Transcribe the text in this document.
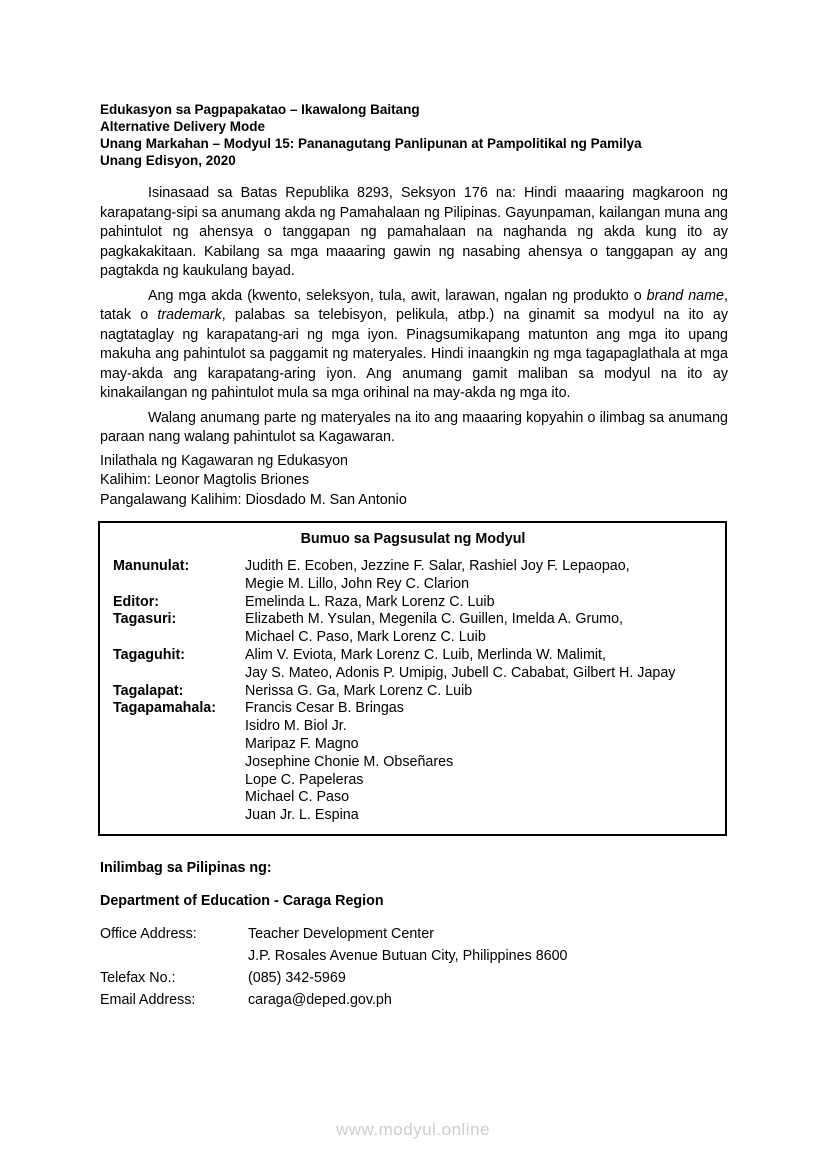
Edukasyon sa Pagpapakatao – Ikawalong Baitang
Alternative Delivery Mode
Unang Markahan – Modyul 15: Pananagutang Panlipunan at Pampolitikal ng Pamilya
Unang Edisyon, 2020
Isinasaad sa Batas Republika 8293, Seksyon 176 na: Hindi maaaring magkaroon ng karapatang-sipi sa anumang akda ng Pamahalaan ng Pilipinas. Gayunpaman, kailangan muna ang pahintulot ng ahensya o tanggapan ng pamahalaan na naghanda ng akda kung ito ay pagkakakitaan. Kabilang sa mga maaaring gawin ng nasabing ahensya o tanggapan ay ang pagtakda ng kaukulang bayad.
Ang mga akda (kwento, seleksyon, tula, awit, larawan, ngalan ng produkto o brand name, tatak o trademark, palabas sa telebisyon, pelikula, atbp.) na ginamit sa modyul na ito ay nagtataglay ng karapatang-ari ng mga iyon. Pinagsumikapang matunton ang mga ito upang makuha ang pahintulot sa paggamit ng materyales. Hindi inaangkin ng mga tagapaglathala at mga may-akda ang karapatang-aring iyon. Ang anumang gamit maliban sa modyul na ito ay kinakailangan ng pahintulot mula sa mga orihinal na may-akda ng mga ito.
Walang anumang parte ng materyales na ito ang maaaring kopyahin o ilimbag sa anumang paraan nang walang pahintulot sa Kagawaran.
Inilathala ng Kagawaran ng Edukasyon
Kalihim: Leonor Magtolis Briones
Pangalawang Kalihim: Diosdado M. San Antonio
Bumuo sa Pagsusulat ng Modyul
Manunulat:	Judith E. Ecoben, Jezzine F. Salar, Rashiel Joy F. Lepaopao,
Megie M. Lillo, John Rey C. Clarion
Editor:	Emelinda L. Raza, Mark Lorenz C. Luib
Tagasuri:	Elizabeth M. Ysulan, Megenila C. Guillen, Imelda A. Grumo,
Michael C. Paso, Mark Lorenz C. Luib
Tagaguhit:	Alim V. Eviota, Mark Lorenz C. Luib, Merlinda W. Malimit,
Jay S. Mateo, Adonis P. Umipig, Jubell C. Cababat, Gilbert H. Japay
Tagalapat:	Nerissa G. Ga, Mark Lorenz C. Luib
Tagapamahala:	Francis Cesar B. Bringas
Isidro M. Biol Jr.
Maripaz F. Magno
Josephine Chonie M. Obseñares
Lope C. Papeleras
Michael C. Paso
Juan Jr. L. Espina
Inilimbag sa Pilipinas ng:
Department of Education - Caraga Region
Office Address:	Teacher Development Center
J.P. Rosales Avenue Butuan City, Philippines 8600
Telefax No.:	(085) 342-5969
Email Address:	caraga@deped.gov.ph
www.modyul.online
